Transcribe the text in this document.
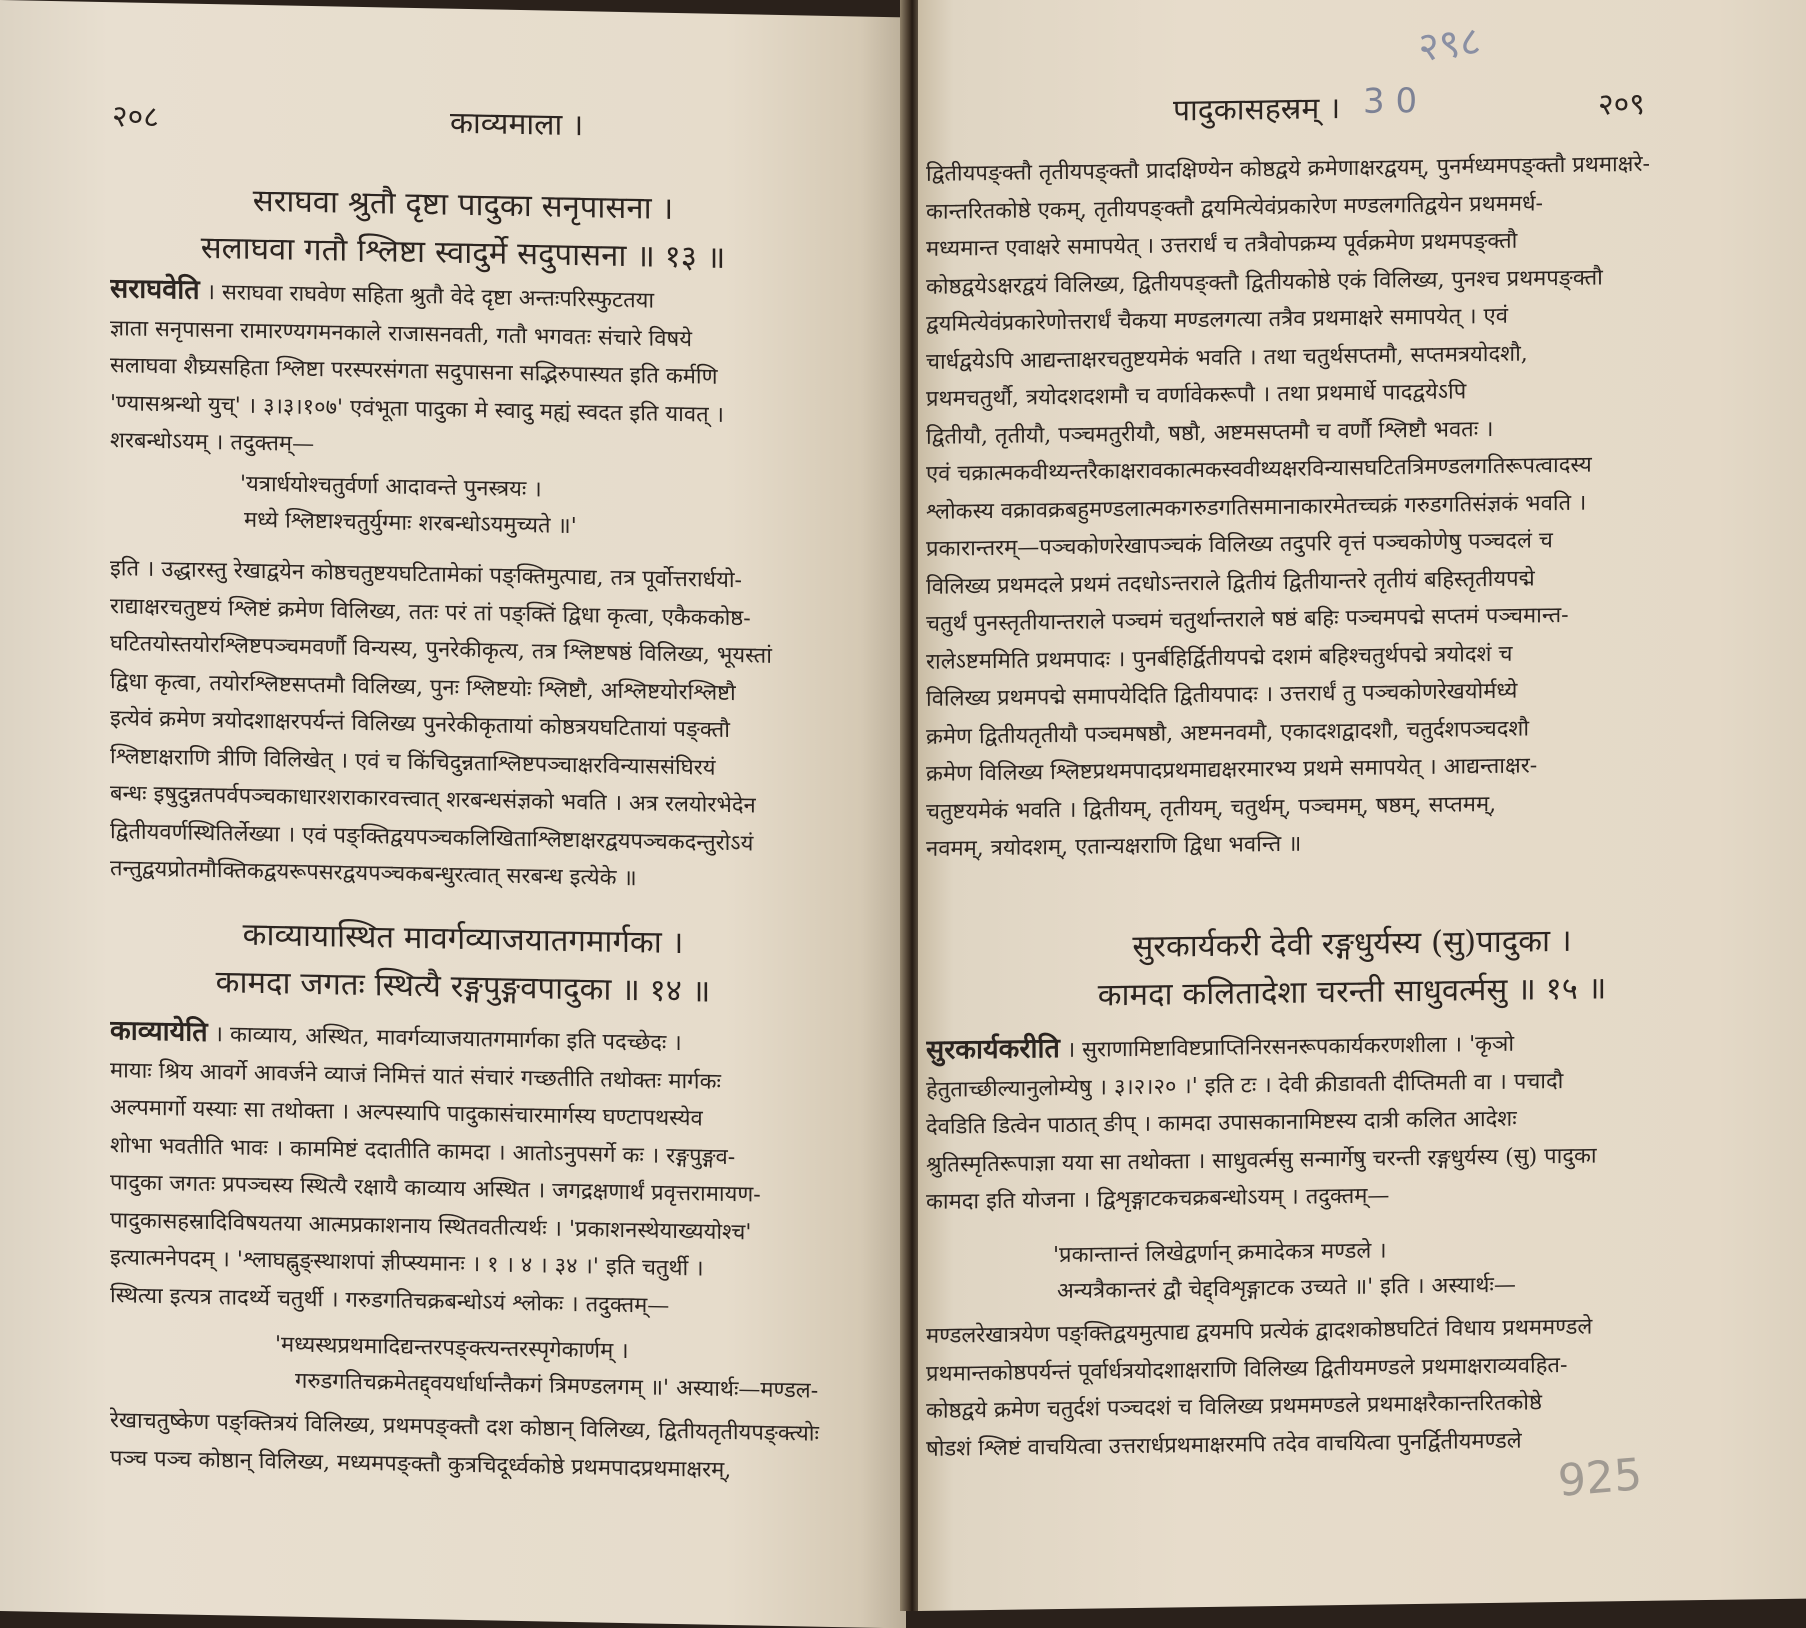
२०८	काव्यमाला ।

सराघवा श्रुतौ दृष्टा पादुका सनृपासना ।

सलाघवा गतौ श्लिष्टा स्वादुर्मे सदुपासना ॥ १३ ॥

सराघवेति । सराघवा राघवेण सहिता श्रुतौ वेदे दृष्टा अन्तःपरिस्फुटतया

ज्ञाता सनृपासना रामारण्यगमनकाले राजासनवती, गतौ भगवतः संचारे विषये

सलाघवा शैघ्र्यसहिता श्लिष्टा परस्परसंगता सदुपासना सद्भिरुपास्यत इति कर्मणि

'ण्यासश्रन्थो युच्' । ३।३।१०७' एवंभूता पादुका मे स्वादु मह्यं स्वदत इति यावत् ।

शरबन्धोऽयम् । तदुक्तम्—

'यत्रार्धयोश्चतुर्वर्णा आदावन्ते पुनस्त्रयः ।

मध्ये श्लिष्टाश्चतुर्युग्माः शरबन्धोऽयमुच्यते ॥'

इति । उद्धारस्तु रेखाद्वयेन कोष्ठचतुष्टयघटितामेकां पङ्क्तिमुत्पाद्य, तत्र पूर्वोत्तरार्धयो-

राद्याक्षरचतुष्टयं श्लिष्टं क्रमेण विलिख्य, ततः परं तां पङ्क्तिं द्विधा कृत्वा, एकैककोष्ठ-

घटितयोस्तयोरश्लिष्टपञ्चमवर्णौ विन्यस्य, पुनरेकीकृत्य, तत्र श्लिष्टषष्ठं विलिख्य, भूयस्तां

द्विधा कृत्वा, तयोरश्लिष्टसप्तमौ विलिख्य, पुनः श्लिष्टयोः श्लिष्टौ, अश्लिष्टयोरश्लिष्टौ

इत्येवं क्रमेण त्रयोदशाक्षरपर्यन्तं विलिख्य पुनरेकीकृतायां कोष्ठत्रयघटितायां पङ्क्तौ

श्लिष्टाक्षराणि त्रीणि विलिखेत् । एवं च किंचिदुन्नताश्लिष्टपञ्चाक्षरविन्याससंघिरयं

बन्धः इषुदुन्नतपर्वपञ्चकाधारशराकारवत्त्वात् शरबन्धसंज्ञको भवति । अत्र रलयोरभेदेन

द्वितीयवर्णस्थितिर्लेख्या । एवं पङ्क्तिद्वयपञ्चकलिखिताश्लिष्टाक्षरद्वयपञ्चकदन्तुरोऽयं

तन्तुद्वयप्रोतमौक्तिकद्वयरूपसरद्वयपञ्चकबन्धुरत्वात् सरबन्ध इत्येके ॥

काव्यायास्थित मावर्गव्याजयातगमार्गका ।

कामदा जगतः स्थित्यै रङ्गपुङ्गवपादुका ॥ १४ ॥

काव्यायेति । काव्याय, अस्थित, मावर्गव्याजयातगमार्गका इति पदच्छेदः ।

मायाः श्रिय आवर्गे आवर्जने व्याजं निमित्तं यातं संचारं गच्छतीति तथोक्तः मार्गकः

अल्पमार्गो यस्याः सा तथोक्ता । अल्पस्यापि पादुकासंचारमार्गस्य घण्टापथस्येव

शोभा भवतीति भावः । काममिष्टं ददातीति कामदा । आतोऽनुपसर्गे कः । रङ्गपुङ्गव-

पादुका जगतः प्रपञ्चस्य स्थित्यै रक्षायै काव्याय अस्थित । जगद्रक्षणार्थं प्रवृत्तरामायण-

पादुकासहस्रादिविषयतया आत्मप्रकाशनाय स्थितवतीत्यर्थः । 'प्रकाशनस्थेयाख्ययोश्च'

इत्यात्मनेपदम् । 'श्लाघह्नुङ्स्थाशपां ज्ञीप्स्यमानः । १ । ४ । ३४ ।' इति चतुर्थी ।

स्थित्या इत्यत्र तादर्थ्ये चतुर्थी । गरुडगतिचक्रबन्धोऽयं श्लोकः । तदुक्तम्—

'मध्यस्थप्रथमादिद्यन्तरपङ्क्त्यन्तरस्पृगेकार्णम् ।

गरुडगतिचक्रमेतद्द्वयर्धार्धान्तैकगं त्रिमण्डलगम् ॥' अस्यार्थः—मण्डल-

रेखाचतुष्केण पङ्क्तित्रयं विलिख्य, प्रथमपङ्क्तौ दश कोष्ठान् विलिख्य, द्वितीयतृतीयपङ्क्त्योः

पञ्च पञ्च कोष्ठान् विलिख्य, मध्यमपङ्क्तौ कुत्रचिदूर्ध्वकोष्ठे प्रथमपादप्रथमाक्षरम्,

२९८
पादुकासहस्रम् । 3 0	२०९

द्वितीयपङ्क्तौ तृतीयपङ्क्तौ प्रादक्षिण्येन कोष्ठद्वये क्रमेणाक्षरद्वयम्, पुनर्मध्यमपङ्क्तौ प्रथमाक्षरे-

कान्तरितकोष्ठे एकम्, तृतीयपङ्क्तौ द्वयमित्येवंप्रकारेण मण्डलगतिद्वयेन प्रथममर्ध-

मध्यमान्त एवाक्षरे समापयेत् । उत्तरार्धं च तत्रैवोपक्रम्य पूर्वक्रमेण प्रथमपङ्क्तौ

कोष्ठद्वयेऽक्षरद्वयं विलिख्य, द्वितीयपङ्क्तौ द्वितीयकोष्ठे एकं विलिख्य, पुनश्च प्रथमपङ्क्तौ

द्वयमित्येवंप्रकारेणोत्तरार्धं चैकया मण्डलगत्या तत्रैव प्रथमाक्षरे समापयेत् । एवं

चार्धद्वयेऽपि आद्यन्ताक्षरचतुष्टयमेकं भवति । तथा चतुर्थसप्तमौ, सप्तमत्रयोदशौ,

प्रथमचतुर्थौ, त्रयोदशदशमौ च वर्णावेकरूपौ । तथा प्रथमार्धे पादद्वयेऽपि

द्वितीयौ, तृतीयौ, पञ्चमतुरीयौ, षष्ठौ, अष्टमसप्तमौ च वर्णौ श्लिष्टौ भवतः ।

एवं चक्रात्मकवीथ्यन्तरैकाक्षरावकात्मकस्ववीथ्यक्षरविन्यासघटितत्रिमण्डलगतिरूपत्वादस्य

श्लोकस्य वक्रावक्रबहुमण्डलात्मकगरुडगतिसमानाकारमेतच्चक्रं गरुडगतिसंज्ञकं भवति ।

प्रकारान्तरम्—पञ्चकोणरेखापञ्चकं विलिख्य तदुपरि वृत्तं पञ्चकोणेषु पञ्चदलं च

विलिख्य प्रथमदले प्रथमं तदधोऽन्तराले द्वितीयं द्वितीयान्तरे तृतीयं बहिस्तृतीयपद्मे

चतुर्थं पुनस्तृतीयान्तराले पञ्चमं चतुर्थान्तराले षष्ठं बहिः पञ्चमपद्मे सप्तमं पञ्चमान्त-

रालेऽष्टममिति प्रथमपादः । पुनर्बहिर्द्वितीयपद्मे दशमं बहिश्चतुर्थपद्मे त्रयोदशं च

विलिख्य प्रथमपद्मे समापयेदिति द्वितीयपादः । उत्तरार्धं तु पञ्चकोणरेखयोर्मध्ये

क्रमेण द्वितीयतृतीयौ पञ्चमषष्ठौ, अष्टमनवमौ, एकादशद्वादशौ, चतुर्दशपञ्चदशौ

क्रमेण विलिख्य श्लिष्टप्रथमपादप्रथमाद्यक्षरमारभ्य प्रथमे समापयेत् । आद्यन्ताक्षर-

चतुष्टयमेकं भवति । द्वितीयम्, तृतीयम्, चतुर्थम्, पञ्चमम्, षष्ठम्, सप्तमम्,

नवमम्, त्रयोदशम्, एतान्यक्षराणि द्विधा भवन्ति ॥

सुरकार्यकरी देवी रङ्गधुर्यस्य (सु)पादुका ।

कामदा कलितादेशा चरन्ती साधुवर्त्मसु ॥ १५ ॥

सुरकार्यकरीति । सुराणामिष्टाविष्टप्राप्तिनिरसनरूपकार्यकरणशीला । 'कृञो

हेतुताच्छील्यानुलोम्येषु । ३।२।२० ।' इति टः । देवी क्रीडावती दीप्तिमती वा । पचादौ

देवडिति डित्वेन पाठात् ङीप् । कामदा उपासकानामिष्टस्य दात्री कलित आदेशः

श्रुतिस्मृतिरूपाज्ञा यया सा तथोक्ता । साधुवर्त्मसु सन्मार्गेषु चरन्ती रङ्गधुर्यस्य (सु) पादुका

कामदा इति योजना । द्विशृङ्गाटकचक्रबन्धोऽयम् । तदुक्तम्—

'प्रकान्तान्तं लिखेद्वर्णान् क्रमादेकत्र मण्डले ।

अन्यत्रैकान्तरं द्वौ चेद्द्विशृङ्गाटक उच्यते ॥' इति । अस्यार्थः—

मण्डलरेखात्रयेण पङ्क्तिद्वयमुत्पाद्य द्वयमपि प्रत्येकं द्वादशकोष्ठघटितं विधाय प्रथममण्डले

प्रथमान्तकोष्ठपर्यन्तं पूर्वार्धत्रयोदशाक्षराणि विलिख्य द्वितीयमण्डले प्रथमाक्षराव्यवहित-

कोष्ठद्वये क्रमेण चतुर्दशं पञ्चदशं च विलिख्य प्रथममण्डले प्रथमाक्षरैकान्तरितकोष्ठे

षोडशं श्लिष्टं वाचयित्वा उत्तरार्धप्रथमाक्षरमपि तदेव वाचयित्वा पुनर्द्वितीयमण्डले

925
